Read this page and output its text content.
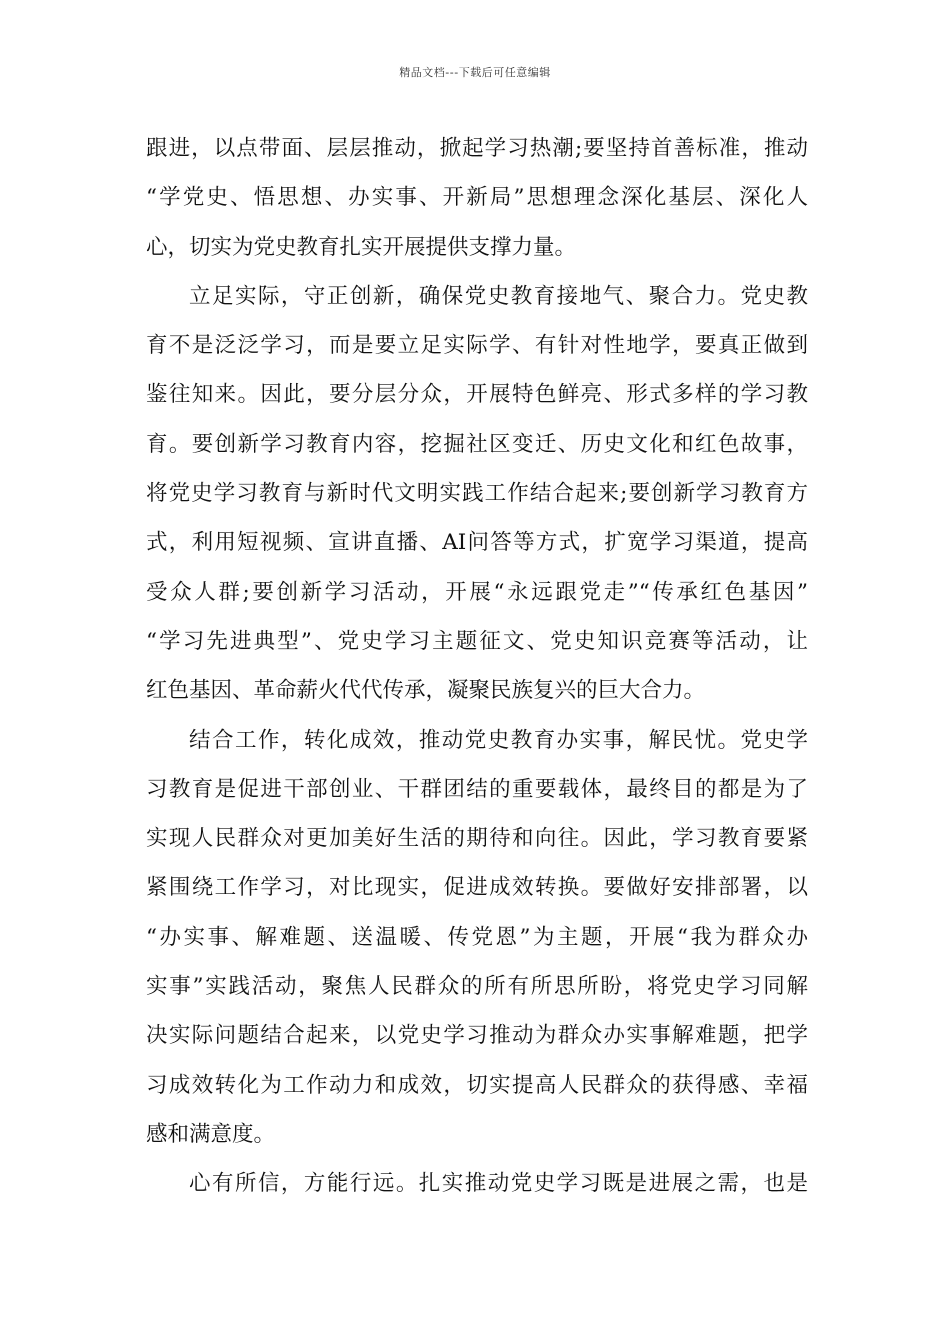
精品文档---下载后可任意编辑
跟进，以点带面、层层推动，掀起学习热潮;要坚持首善标准，推动
“学党史、悟思想、办实事、开新局”思想理念深化基层、深化人
心，切实为党史教育扎实开展提供支撑力量。
立足实际，守正创新，确保党史教育接地气、聚合力。党史教
育不是泛泛学习，而是要立足实际学、有针对性地学，要真正做到
鉴往知来。因此，要分层分众，开展特色鲜亮、形式多样的学习教
育。要创新学习教育内容，挖掘社区变迁、历史文化和红色故事，
将党史学习教育与新时代文明实践工作结合起来;要创新学习教育方
式，利用短视频、宣讲直播、AI问答等方式，扩宽学习渠道，提高
受众人群;要创新学习活动，开展“永远跟党走”“传承红色基因”
“学习先进典型”、党史学习主题征文、党史知识竞赛等活动，让
红色基因、革命薪火代代传承，凝聚民族复兴的巨大合力。
结合工作，转化成效，推动党史教育办实事，解民忧。党史学
习教育是促进干部创业、干群团结的重要载体，最终目的都是为了
实现人民群众对更加美好生活的期待和向往。因此，学习教育要紧
紧围绕工作学习，对比现实，促进成效转换。要做好安排部署，以
“办实事、解难题、送温暖、传党恩”为主题，开展“我为群众办
实事”实践活动，聚焦人民群众的所有所思所盼，将党史学习同解
决实际问题结合起来，以党史学习推动为群众办实事解难题，把学
习成效转化为工作动力和成效，切实提高人民群众的获得感、幸福
感和满意度。
心有所信，方能行远。扎实推动党史学习既是进展之需，也是
